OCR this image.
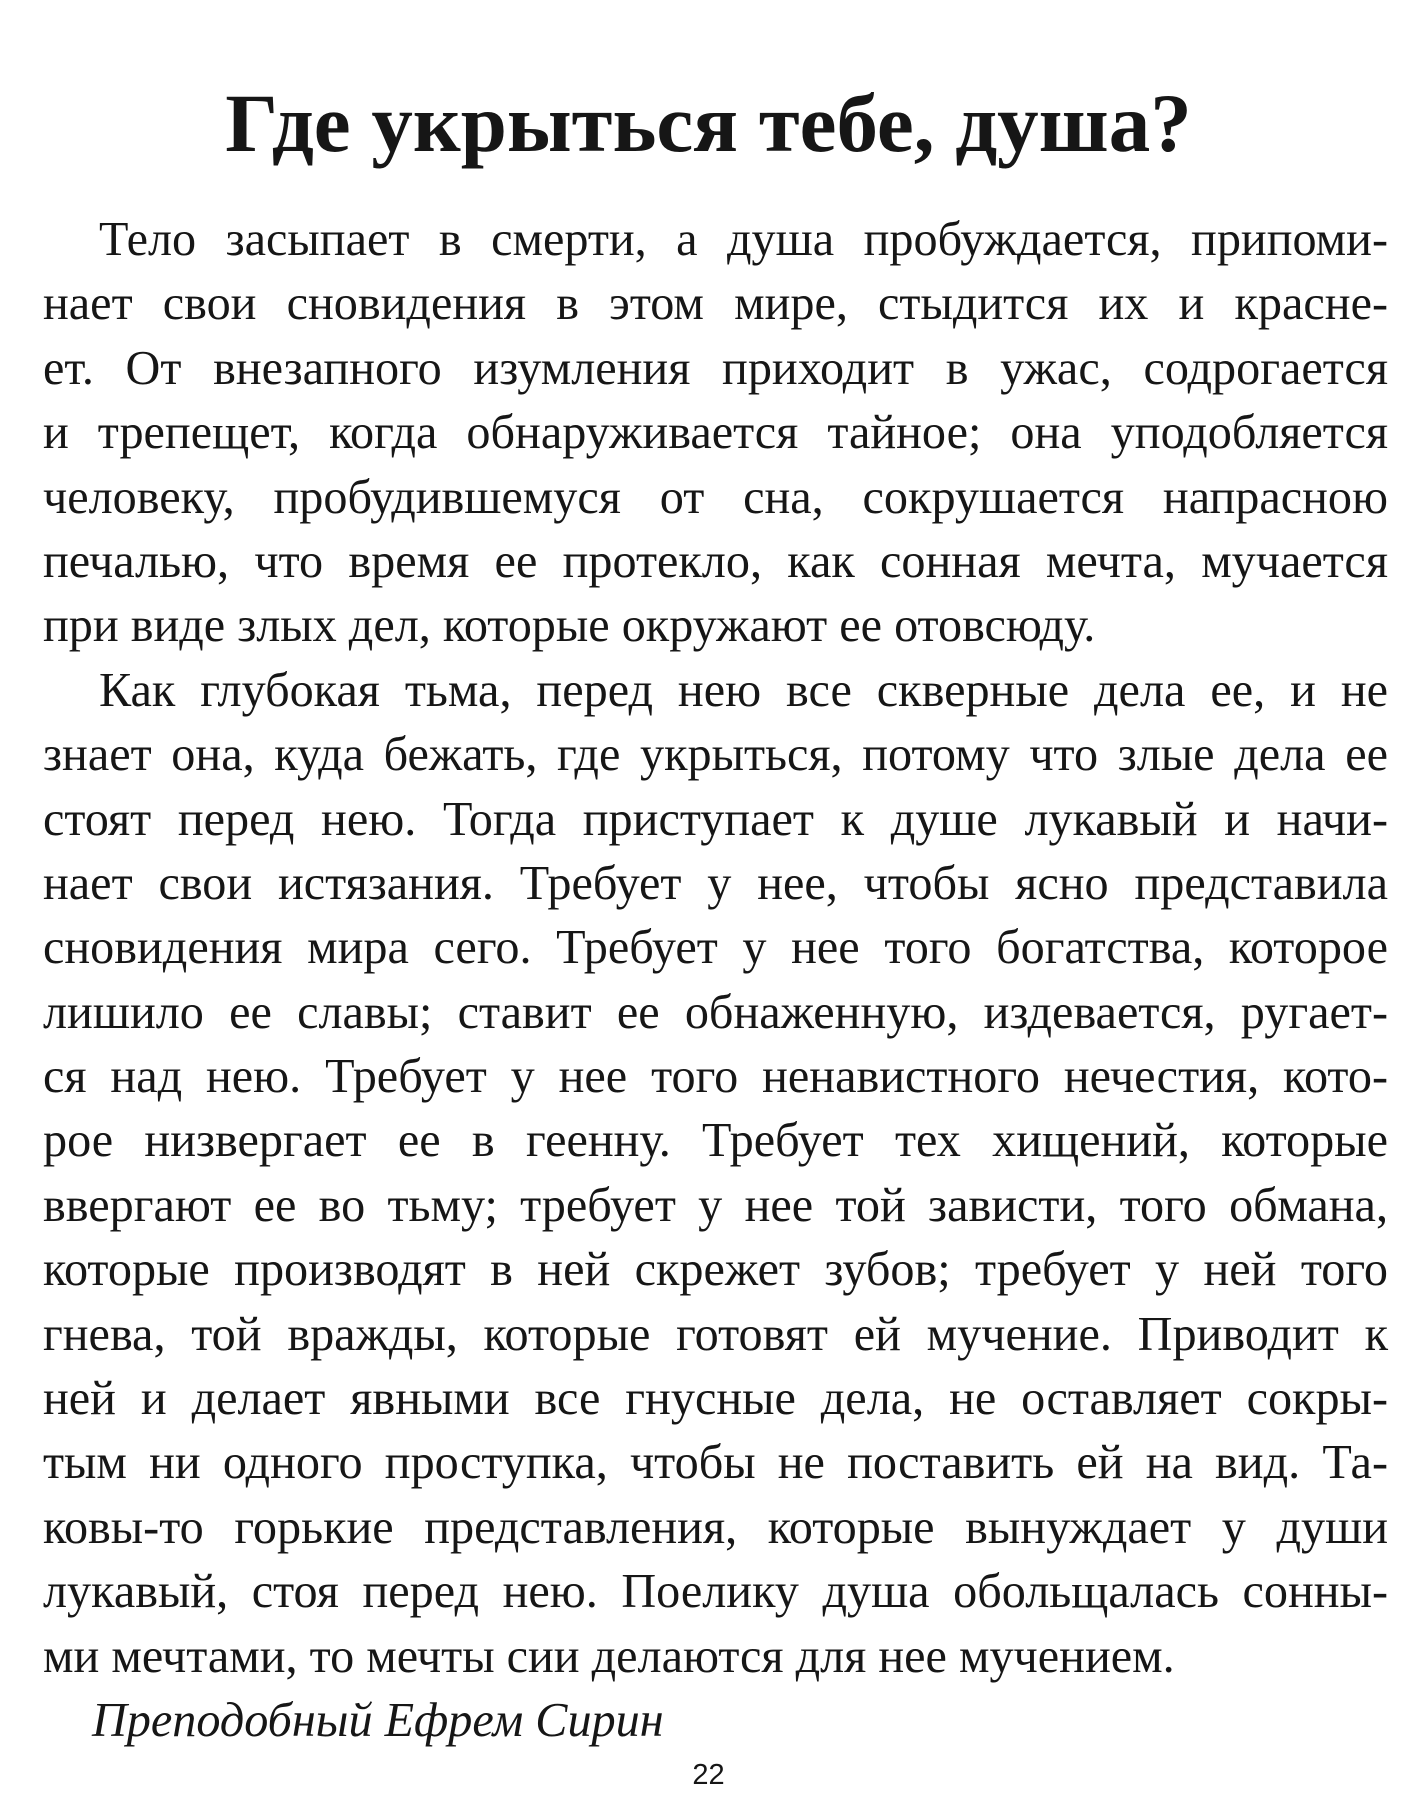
Где укрыться тебе, душа?
Тело засыпает в смерти, а душа пробуждается, припоми-
нает свои сновидения в этом мире, стыдится их и красне-
ет. От внезапного изумления приходит в ужас, содрогается
и трепещет, когда обнаруживается тайное; она уподобляется
человеку, пробудившемуся от сна, сокрушается напрасною
печалью, что время ее протекло, как сонная мечта, мучается
при виде злых дел, которые окружают ее отовсюду.
Как глубокая тьма, перед нею все скверные дела ее, и не
знает она, куда бежать, где укрыться, потому что злые дела ее
стоят перед нею. Тогда приступает к душе лукавый и начи-
нает свои истязания. Требует у нее, чтобы ясно представила
сновидения мира сего. Требует у нее того богатства, которое
лишило ее славы; ставит ее обнаженную, издевается, ругает-
ся над нею. Требует у нее того ненавистного нечестия, кото-
рое низвергает ее в геенну. Требует тех хищений, которые
ввергают ее во тьму; требует у нее той зависти, того обмана,
которые производят в ней скрежет зубов; требует у ней того
гнева, той вражды, которые готовят ей мучение. Приводит к
ней и делает явными все гнусные дела, не оставляет сокры-
тым ни одного проступка, чтобы не поставить ей на вид. Та-
ковы-то горькие представления, которые вынуждает у души
лукавый, стоя перед нею. Поелику душа обольщалась сонны-
ми мечтами, то мечты сии делаются для нее мучением.
Преподобный Ефрем Сирин
22
